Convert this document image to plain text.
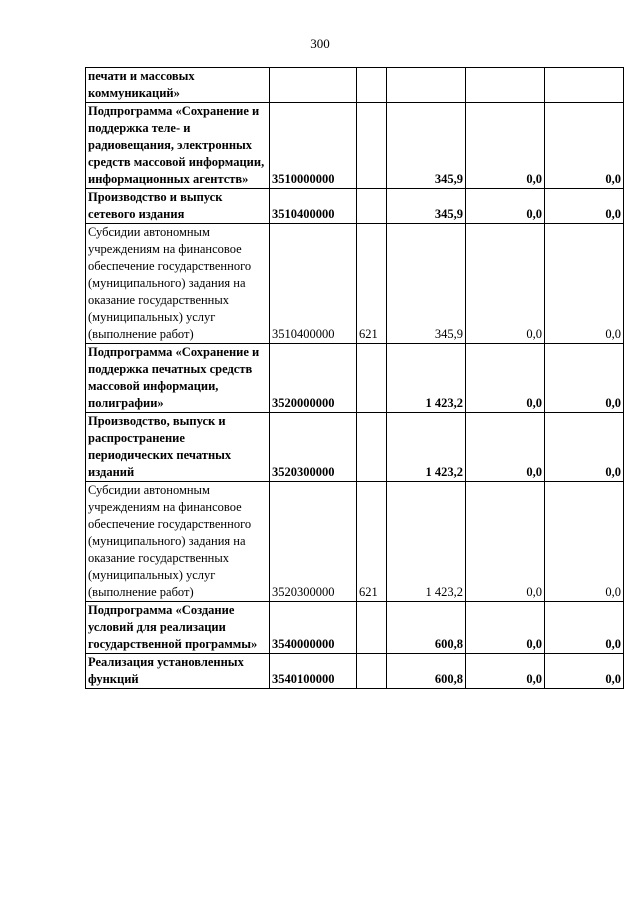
300
печати и массовых коммуникаций»					
Подпрограмма «Сохранение и поддержка теле- и радиовещания, электронных средств массовой информации, информационных агентств»	3510000000		345,9	0,0	0,0
Производство и выпуск сетевого издания	3510400000		345,9	0,0	0,0
Субсидии автономным учреждениям на финансовое обеспечение государственного (муниципального) задания на оказание государственных (муниципальных) услуг (выполнение работ)	3510400000	621	345,9	0,0	0,0
Подпрограмма «Сохранение и поддержка печатных средств массовой информации, полиграфии»	3520000000		1 423,2	0,0	0,0
Производство, выпуск и распространение периодических печатных изданий	3520300000		1 423,2	0,0	0,0
Субсидии автономным учреждениям на финансовое обеспечение государственного (муниципального) задания на оказание государственных (муниципальных) услуг (выполнение работ)	3520300000	621	1 423,2	0,0	0,0
Подпрограмма «Создание условий для реализации государственной программы»	3540000000		600,8	0,0	0,0
Реализация установленных функций	3540100000		600,8	0,0	0,0
